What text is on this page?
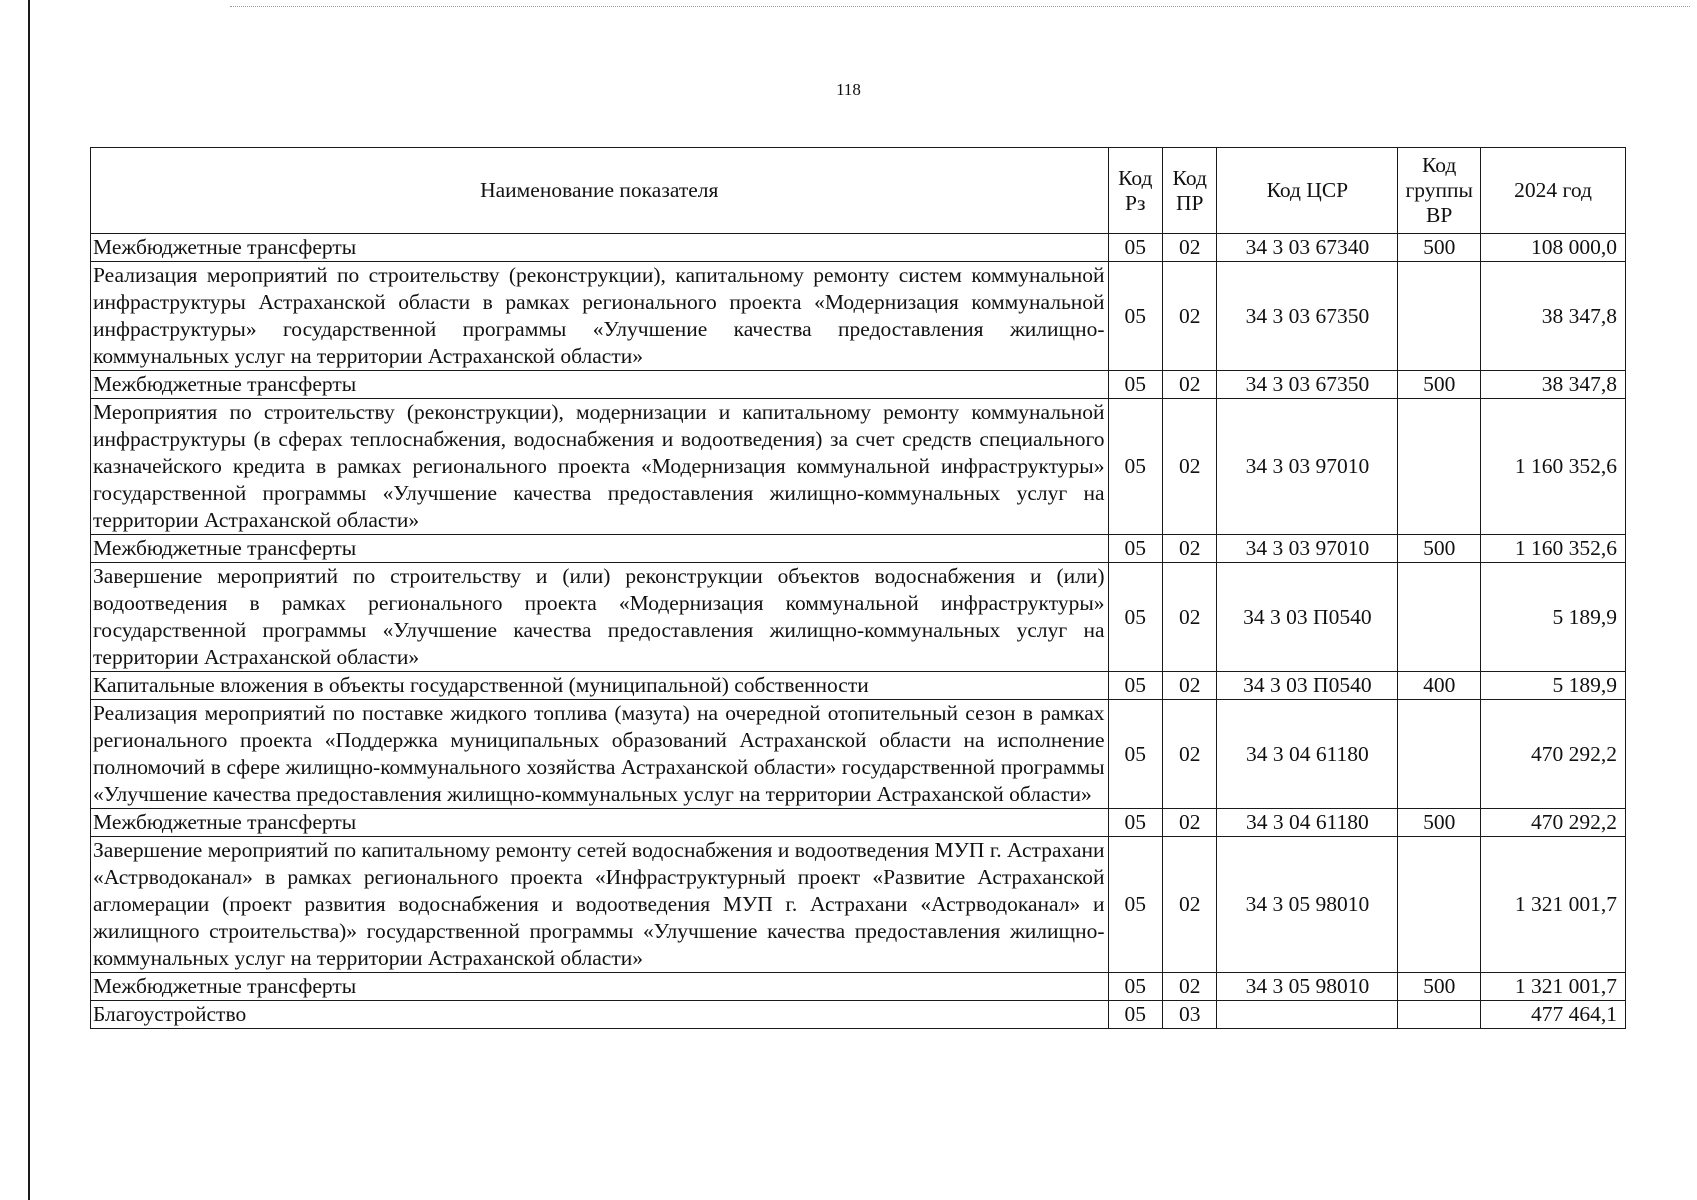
118
Наименование показателя	Код Рз	Код ПР	Код ЦСР	Код группы ВР	2024 год
Межбюджетные трансферты	05	02	34 3 03 67340	500	108 000,0
Реализация мероприятий по строительству (реконструкции), капитальному ремонту систем коммунальной инфраструктуры Астраханской области в рамках регионального проекта «Модернизация коммунальной инфраструктуры» государственной программы «Улучшение качества предоставления жилищно-коммунальных услуг на территории Астраханской области»	05	02	34 3 03 67350		38 347,8
Межбюджетные трансферты	05	02	34 3 03 67350	500	38 347,8
Мероприятия по строительству (реконструкции), модернизации и капитальному ремонту коммунальной инфраструктуры (в сферах теплоснабжения, водоснабжения и водоотведения) за счет средств специального казначейского кредита в рамках регионального проекта «Модернизация коммунальной инфраструктуры» государственной программы «Улучшение качества предоставления жилищно-коммунальных услуг на территории Астраханской области»	05	02	34 3 03 97010		1 160 352,6
Межбюджетные трансферты	05	02	34 3 03 97010	500	1 160 352,6
Завершение мероприятий по строительству и (или) реконструкции объектов водоснабжения и (или) водоотведения в рамках регионального проекта «Модернизация коммунальной инфраструктуры» государственной программы «Улучшение качества предоставления жилищно-коммунальных услуг на территории Астраханской области»	05	02	34 3 03 П0540		5 189,9
Капитальные вложения в объекты государственной (муниципальной) собственности	05	02	34 3 03 П0540	400	5 189,9
Реализация мероприятий по поставке жидкого топлива (мазута) на очередной отопительный сезон в рамках регионального проекта «Поддержка муниципальных образований Астраханской области на исполнение полномочий в сфере жилищно-коммунального хозяйства Астраханской области» государственной программы «Улучшение качества предоставления жилищно-коммунальных услуг на территории Астраханской области»	05	02	34 3 04 61180		470 292,2
Межбюджетные трансферты	05	02	34 3 04 61180	500	470 292,2
Завершение мероприятий по капитальному ремонту сетей водоснабжения и водоотведения МУП г. Астрахани «Астрводоканал» в рамках регионального проекта «Инфраструктурный проект «Развитие Астраханской агломерации (проект развития водоснабжения и водоотведения МУП г. Астрахани «Астрводоканал» и жилищного строительства)» государственной программы «Улучшение качества предоставления жилищно-коммунальных услуг на территории Астраханской области»	05	02	34 3 05 98010		1 321 001,7
Межбюджетные трансферты	05	02	34 3 05 98010	500	1 321 001,7
Благоустройство	05	03			477 464,1
